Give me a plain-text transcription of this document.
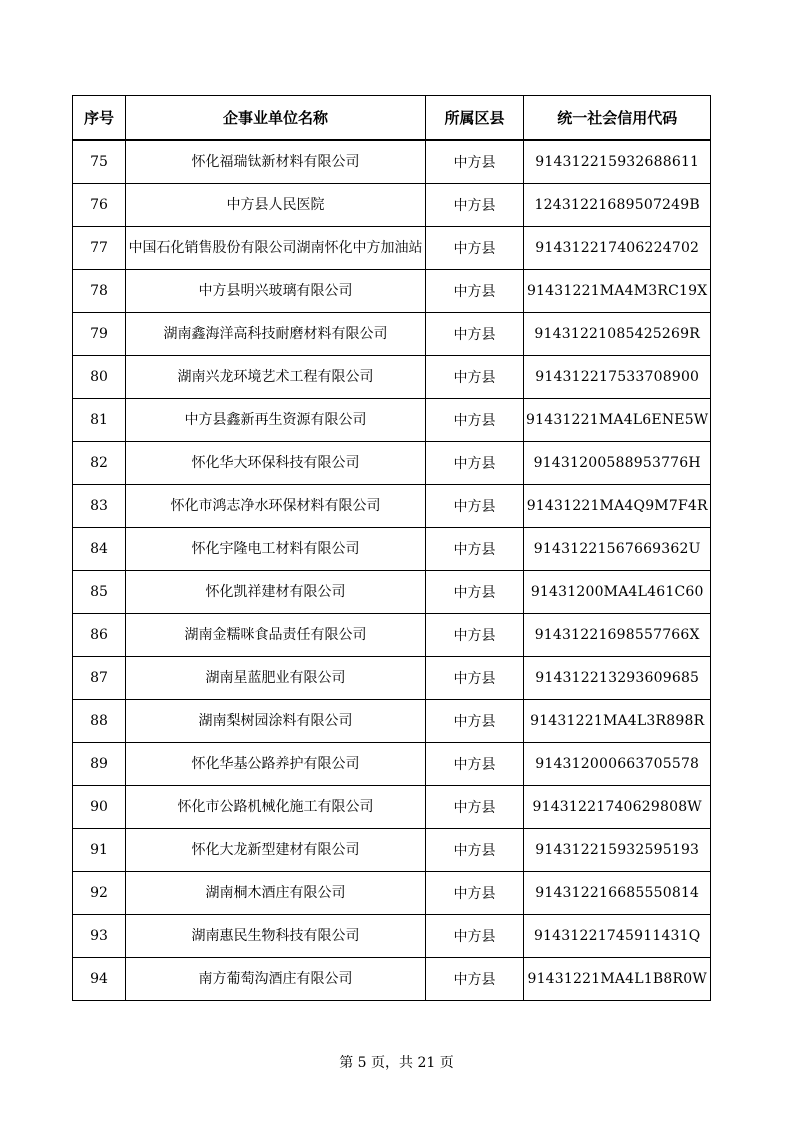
序号	企事业单位名称	所属区县	统一社会信用代码
75	怀化福瑞钛新材料有限公司	中方县	914312215932688611
76	中方县人民医院	中方县	12431221689507249B
77	中国石化销售股份有限公司湖南怀化中方加油站	中方县	914312217406224702
78	中方县明兴玻璃有限公司	中方县	91431221MA4M3RC19X
79	湖南鑫海洋高科技耐磨材料有限公司	中方县	91431221085425269R
80	湖南兴龙环境艺术工程有限公司	中方县	914312217533708900
81	中方县鑫新再生资源有限公司	中方县	91431221MA4L6ENE5W
82	怀化华大环保科技有限公司	中方县	91431200588953776H
83	怀化市鸿志净水环保材料有限公司	中方县	91431221MA4Q9M7F4R
84	怀化宇隆电工材料有限公司	中方县	91431221567669362U
85	怀化凯祥建材有限公司	中方县	91431200MA4L461C60
86	湖南金糯咪食品责任有限公司	中方县	91431221698557766X
87	湖南星蓝肥业有限公司	中方县	914312213293609685
88	湖南梨树园涂料有限公司	中方县	91431221MA4L3R898R
89	怀化华基公路养护有限公司	中方县	914312000663705578
90	怀化市公路机械化施工有限公司	中方县	91431221740629808W
91	怀化大龙新型建材有限公司	中方县	914312215932595193
92	湖南桐木酒庄有限公司	中方县	914312216685550814
93	湖南惠民生物科技有限公司	中方县	91431221745911431Q
94	南方葡萄沟酒庄有限公司	中方县	91431221MA4L1B8R0W
第 5 页，共 21 页
